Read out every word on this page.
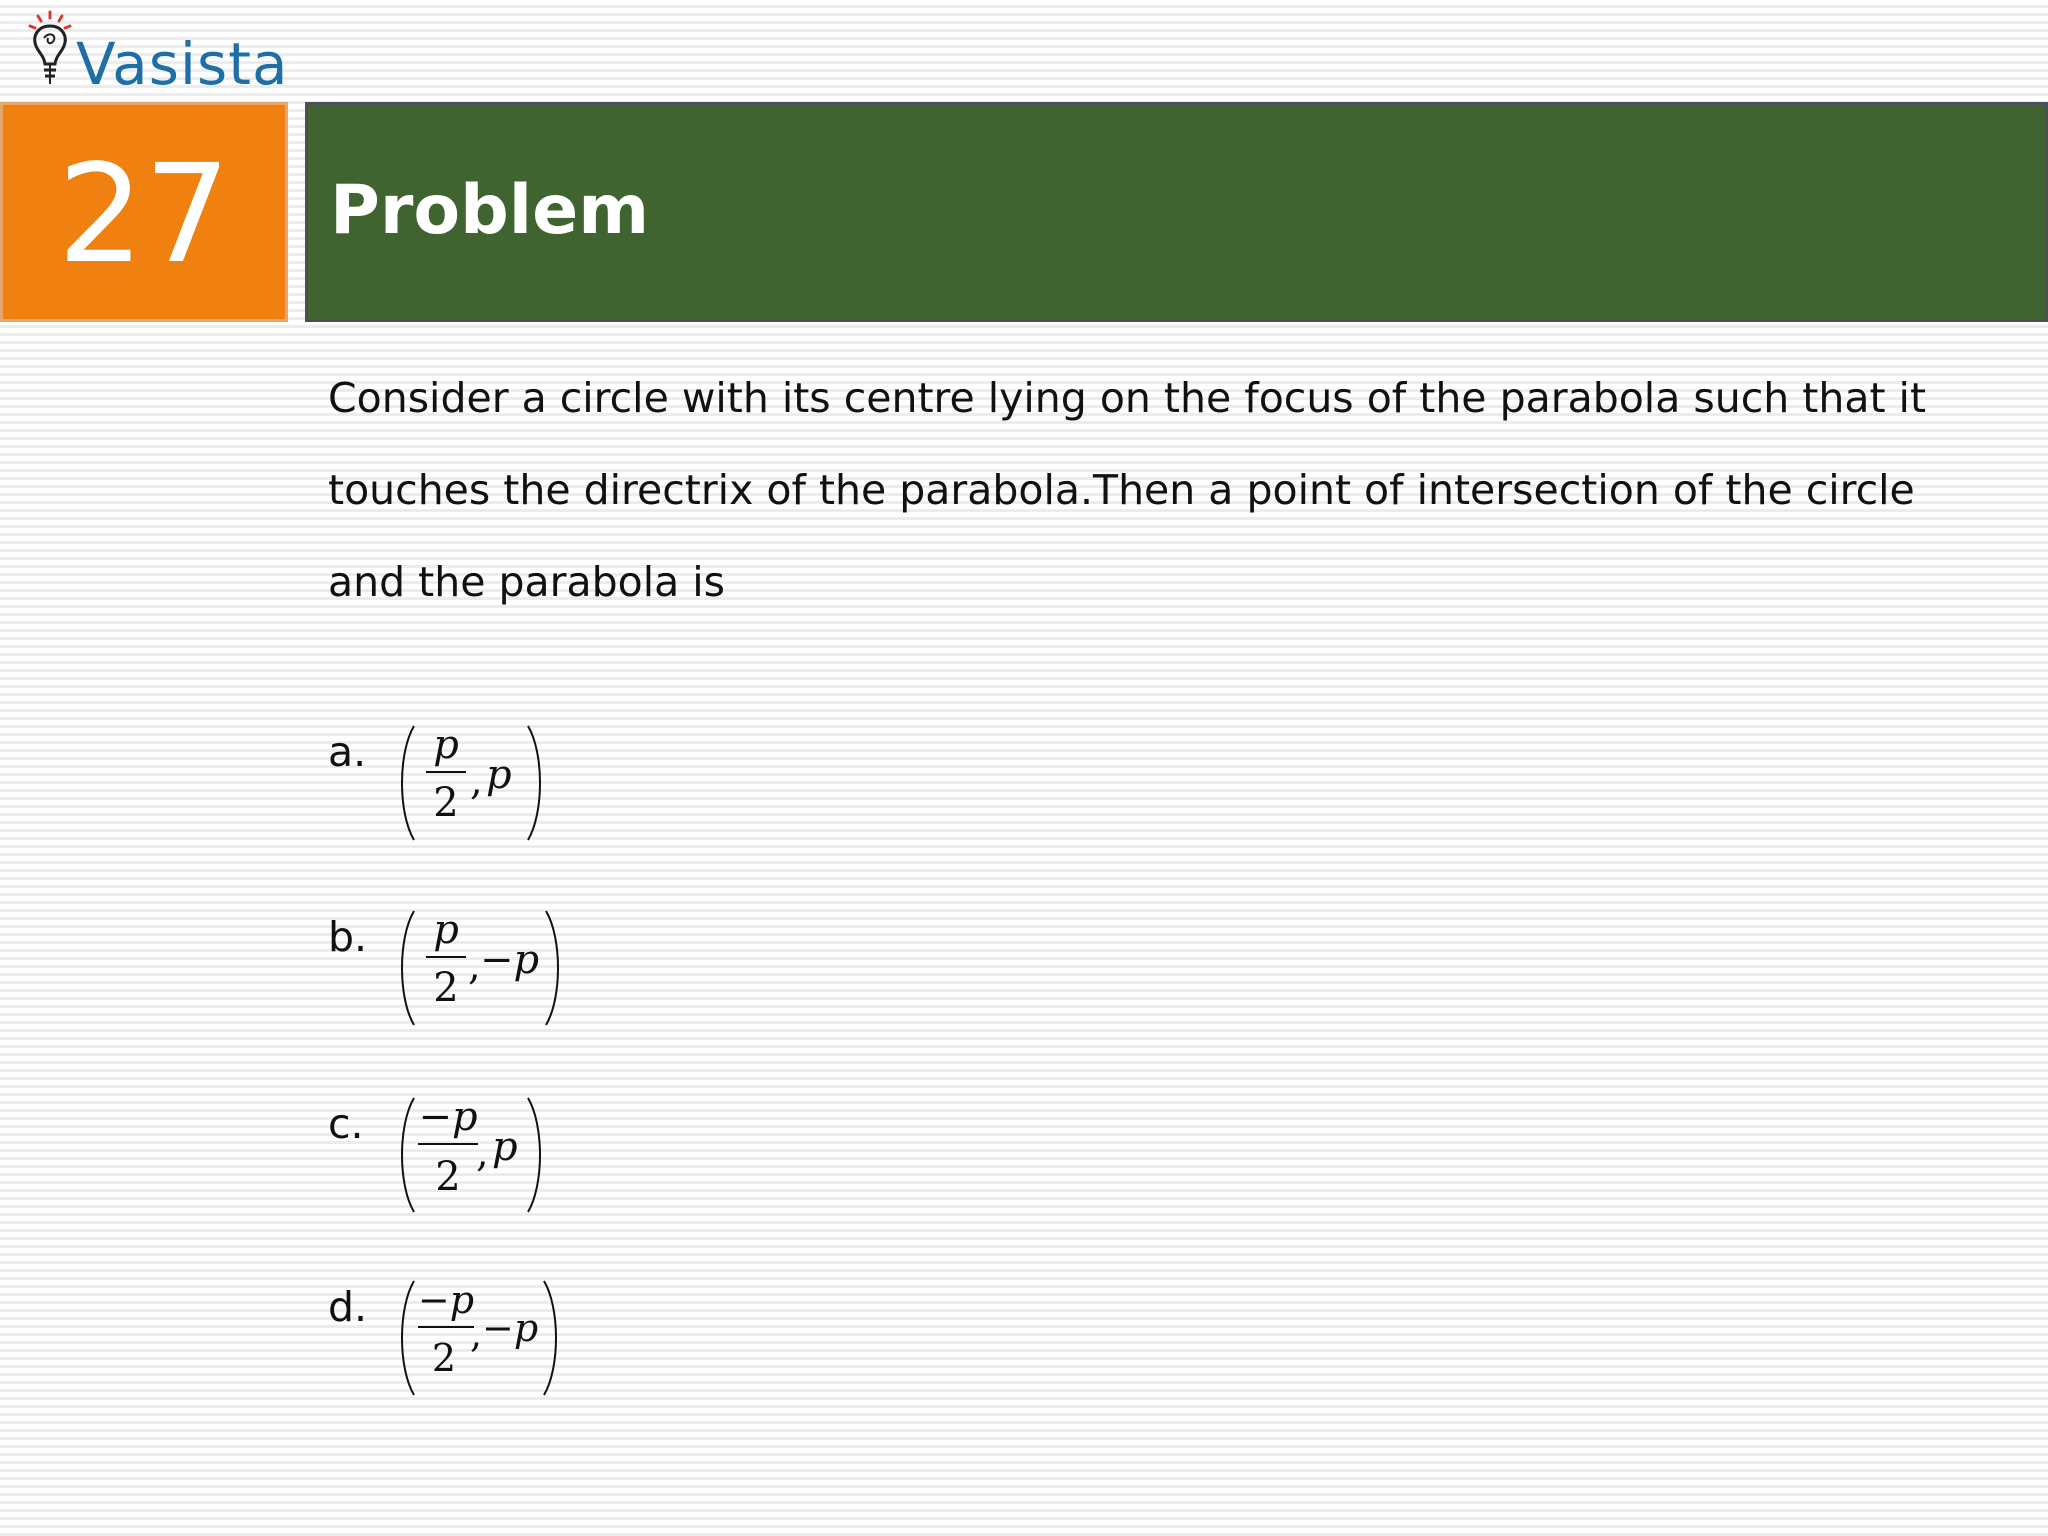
Vasista
27 Problem
Consider a circle with its centre lying on the focus of the parabola such that it
touches the directrix of the parabola.Then a point of intersection of the circle
and the parabola is
a. p
2 , p
b. p
2 , −p
c. −p
2
, p
d. −p
2
, −p
